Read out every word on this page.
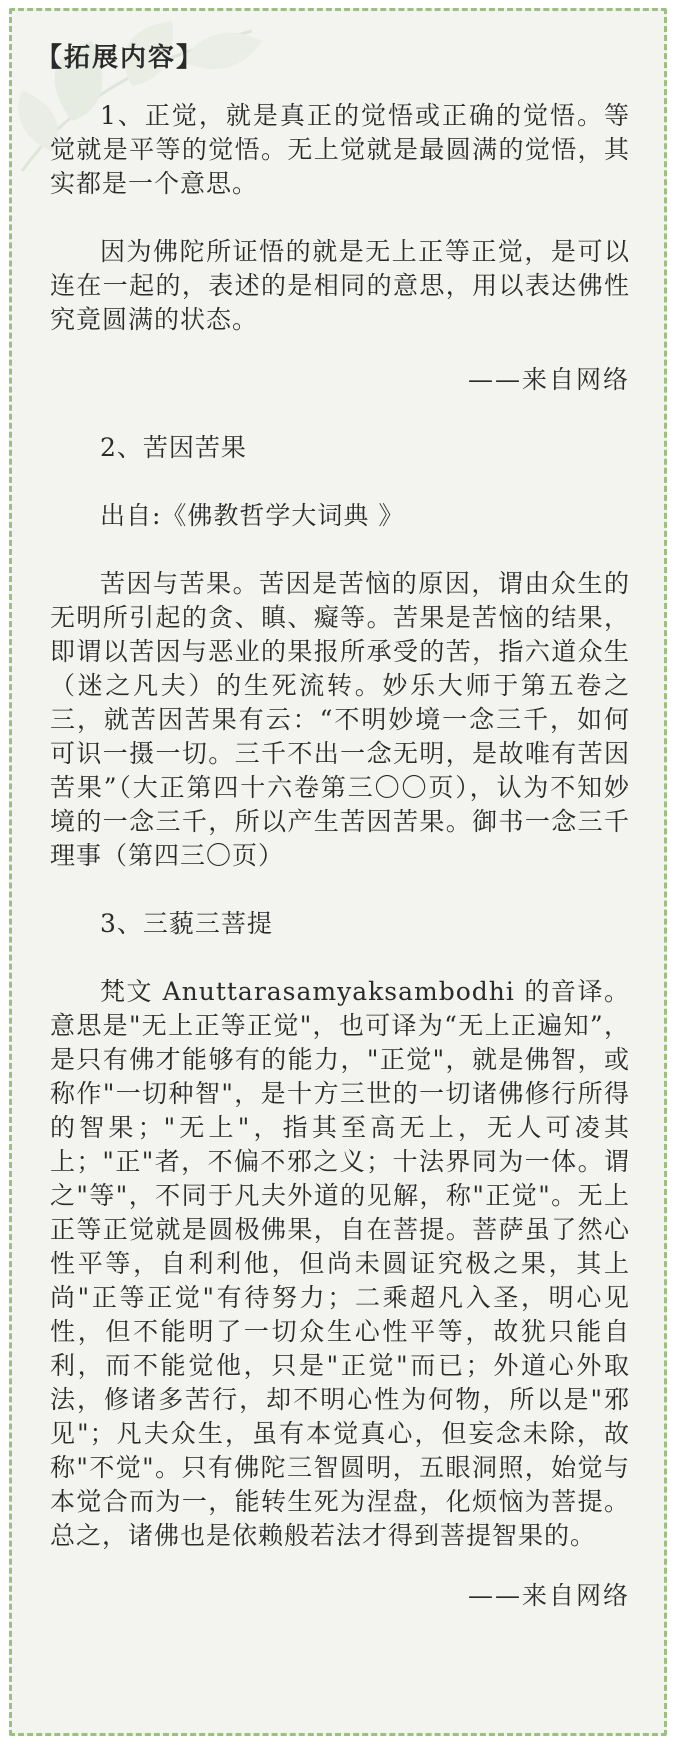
【拓展内容】

1、正觉，就是真正的觉悟或正确的觉悟。等觉就是平等的觉悟。无上觉就是最圆满的觉悟，其实都是一个意思。

因为佛陀所证悟的就是无上正等正觉，是可以连在一起的，表述的是相同的意思，用以表达佛性究竟圆满的状态。

——来自网络
2、苦因苦果
出自:《佛教哲学大词典 》

苦因与苦果。苦因是苦恼的原因，谓由众生的无明所引起的贪、瞋、癡等。苦果是苦恼的结果，即谓以苦因与恶业的果报所承受的苦，指六道众生（迷之凡夫）的生死流转。妙乐大师于第五卷之三，就苦因苦果有云：“不明妙境一念三千，如何可识一摄一切。三千不出一念无明，是故唯有苦因苦果”（大正第四十六卷第三〇〇页），认为不知妙境的一念三千，所以产生苦因苦果。御书一念三千理事（第四三〇页）

3、三藐三菩提

梵文 Anuttarasamyaksambodhi 的音译。意思是"无上正等正觉"，也可译为“无上正遍知”，是只有佛才能够有的能力，"正觉"，就是佛智，或称作"一切种智"，是十方三世的一切诸佛修行所得的智果；"无上"，指其至高无上，无人可凌其上；"正"者，不偏不邪之义；十法界同为一体。谓之"等"，不同于凡夫外道的见解，称"正觉"。无上正等正觉就是圆极佛果，自在菩提。菩萨虽了然心性平等，自利利他，但尚未圆证究极之果，其上尚"正等正觉"有待努力；二乘超凡入圣，明心见性，但不能明了一切众生心性平等，故犹只能自利，而不能觉他，只是"正觉"而已；外道心外取法，修诸多苦行，却不明心性为何物，所以是"邪见"；凡夫众生，虽有本觉真心，但妄念未除，故称"不觉"。只有佛陀三智圆明，五眼洞照，始觉与本觉合而为一，能转生死为涅盘，化烦恼为菩提。总之，诸佛也是依赖般若法才得到菩提智果的。

——来自网络
